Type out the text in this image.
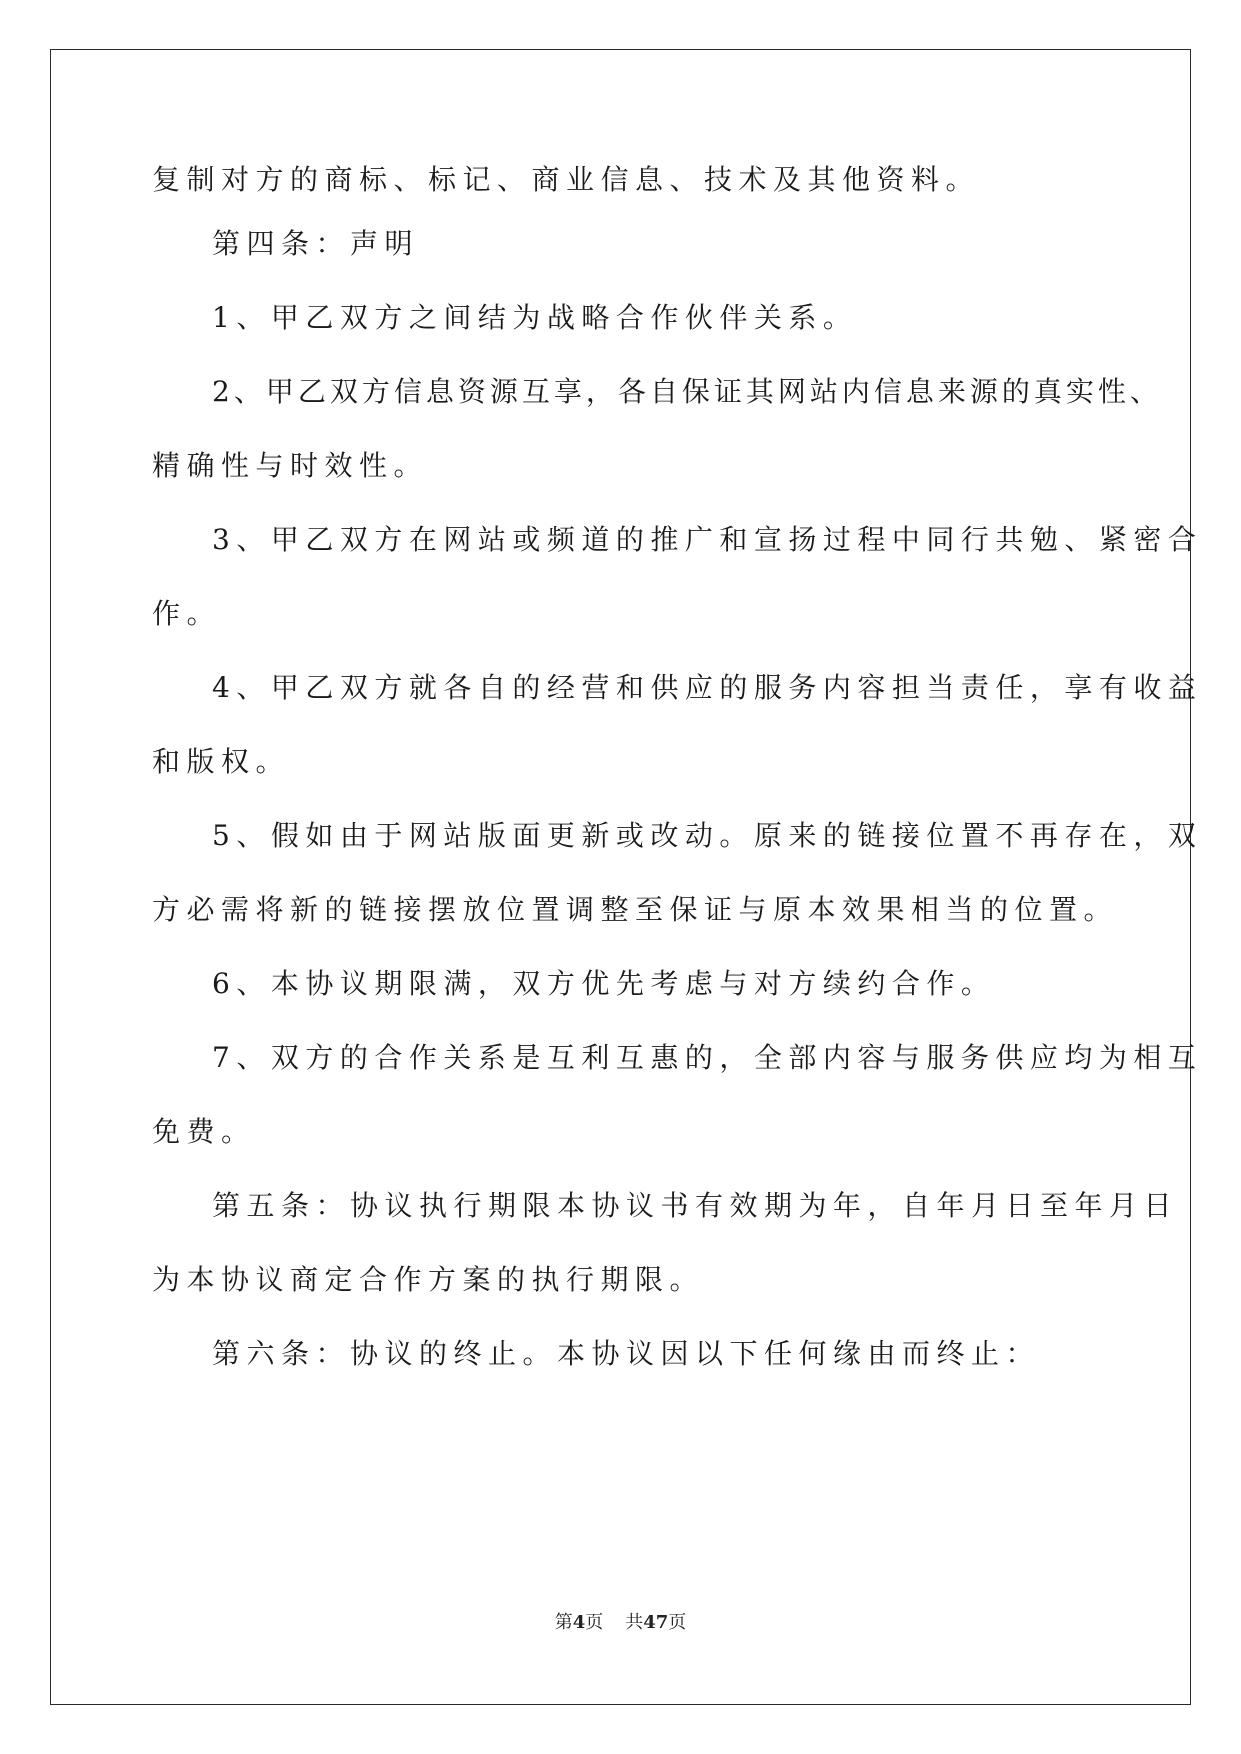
复制对方的商标、标记、商业信息、技术及其他资料。
第四条：声明
1、甲乙双方之间结为战略合作伙伴关系。
2、甲乙双方信息资源互享，各自保证其网站内信息来源的真实性、
精确性与时效性。
3、甲乙双方在网站或频道的推广和宣扬过程中同行共勉、紧密合
作。
4、甲乙双方就各自的经营和供应的服务内容担当责任，享有收益
和版权。
5、假如由于网站版面更新或改动。原来的链接位置不再存在，双
方必需将新的链接摆放位置调整至保证与原本效果相当的位置。
6、本协议期限满，双方优先考虑与对方续约合作。
7、双方的合作关系是互利互惠的，全部内容与服务供应均为相互
免费。
第五条：协议执行期限本协议书有效期为年，自年月日至年月日
为本协议商定合作方案的执行期限。
第六条：协议的终止。本协议因以下任何缘由而终止：
第4页 共47页
